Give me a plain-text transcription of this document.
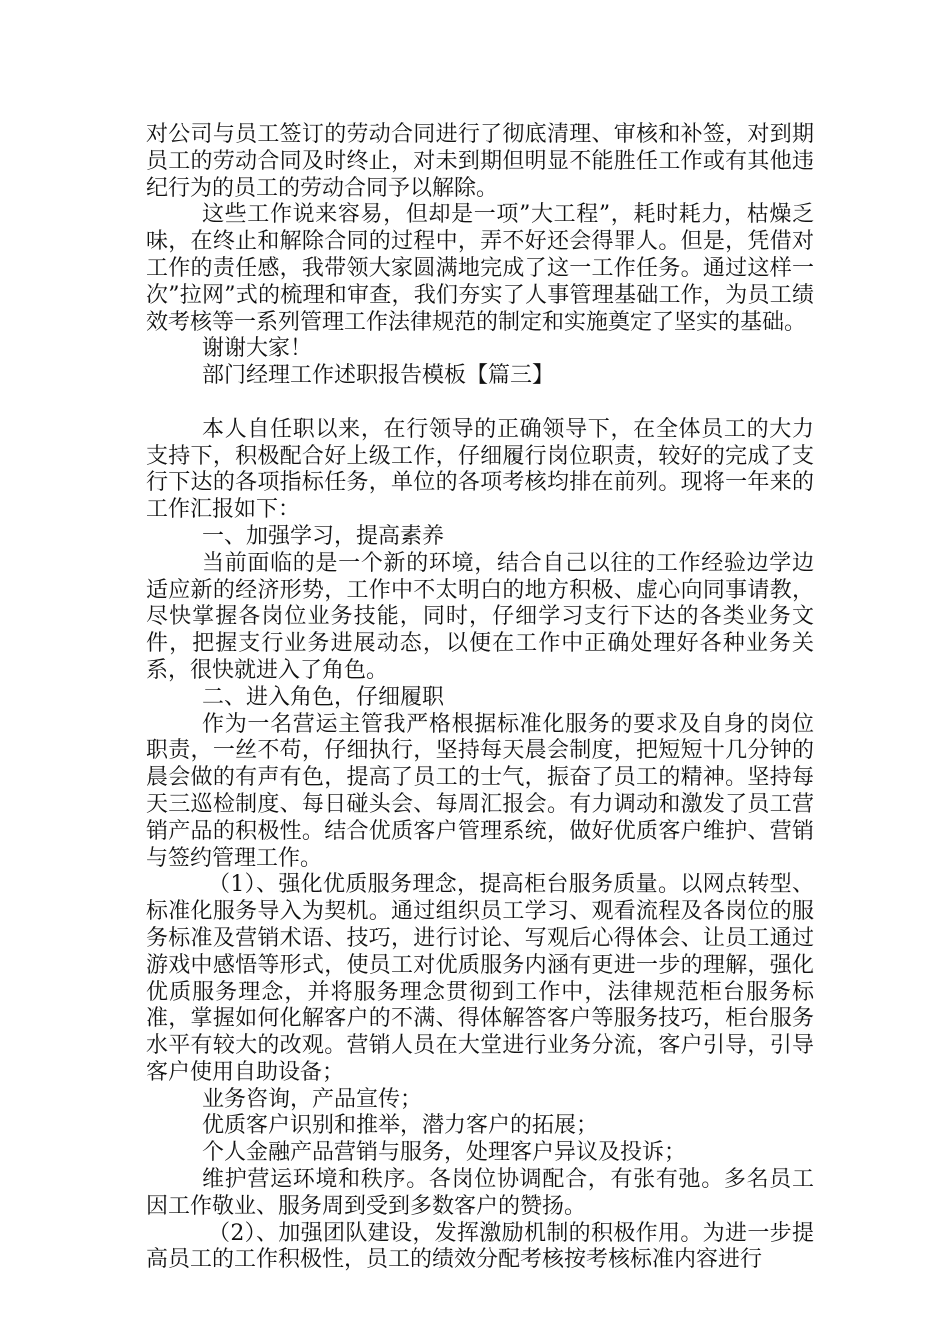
对公司与员工签订的劳动合同进行了彻底清理、审核和补签，对到期员工的劳动合同及时终止，对未到期但明显不能胜任工作或有其他违纪行为的员工的劳动合同予以解除。

这些工作说来容易，但却是一项”大工程”，耗时耗力，枯燥乏味，在终止和解除合同的过程中，弄不好还会得罪人。但是，凭借对工作的责任感，我带领大家圆满地完成了这一工作任务。通过这样一次”拉网”式的梳理和审查，我们夯实了人事管理基础工作，为员工绩效考核等一系列管理工作法律规范的制定和实施奠定了坚实的基础。

谢谢大家！

部门经理工作述职报告模板【篇三】

本人自任职以来，在行领导的正确领导下，在全体员工的大力支持下，积极配合好上级工作，仔细履行岗位职责，较好的完成了支行下达的各项指标任务，单位的各项考核均排在前列。现将一年来的工作汇报如下：

一、加强学习，提高素养

当前面临的是一个新的环境，结合自己以往的工作经验边学边适应新的经济形势，工作中不太明白的地方积极、虚心向同事请教，尽快掌握各岗位业务技能，同时，仔细学习支行下达的各类业务文件，把握支行业务进展动态，以便在工作中正确处理好各种业务关系，很快就进入了角色。

二、进入角色，仔细履职

作为一名营运主管我严格根据标准化服务的要求及自身的岗位职责，一丝不苟，仔细执行，坚持每天晨会制度，把短短十几分钟的晨会做的有声有色，提高了员工的士气，振奋了员工的精神。坚持每天三巡检制度、每日碰头会、每周汇报会。有力调动和激发了员工营销产品的积极性。结合优质客户管理系统，做好优质客户维护、营销与签约管理工作。

（1）、强化优质服务理念，提高柜台服务质量。以网点转型、标准化服务导入为契机。通过组织员工学习、观看流程及各岗位的服务标准及营销术语、技巧，进行讨论、写观后心得体会、让员工通过游戏中感悟等形式，使员工对优质服务内涵有更进一步的理解，强化优质服务理念，并将服务理念贯彻到工作中，法律规范柜台服务标准，掌握如何化解客户的不满、得体解答客户等服务技巧，柜台服务水平有较大的改观。营销人员在大堂进行业务分流，客户引导，引导客户使用自助设备；

业务咨询，产品宣传；

优质客户识别和推举，潜力客户的拓展；

个人金融产品营销与服务，处理客户异议及投诉；

维护营运环境和秩序。各岗位协调配合，有张有弛。多名员工因工作敬业、服务周到受到多数客户的赞扬。

（2）、加强团队建设，发挥激励机制的积极作用。为进一步提高员工的工作积极性，员工的绩效分配考核按考核标准内容进行
